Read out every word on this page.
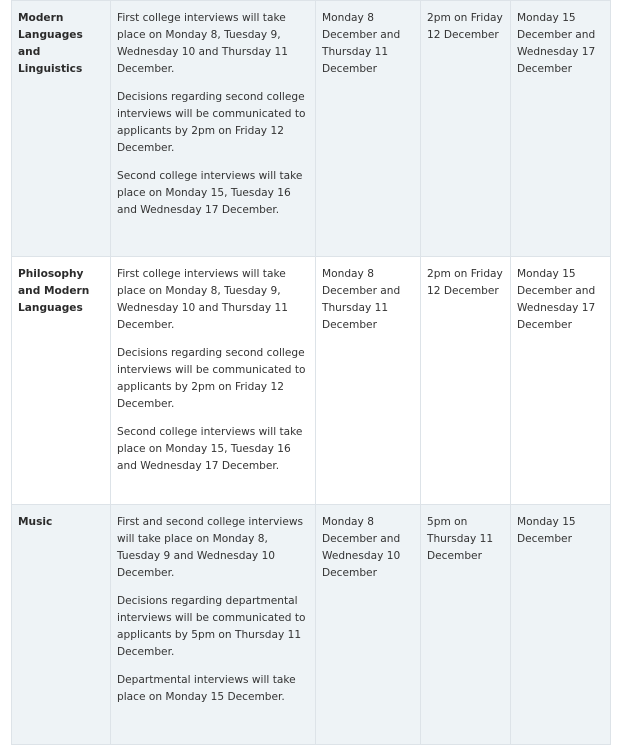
Modern Languages and Linguistics	First college interviews will take place on Monday 8, Tuesday 9, Wednesday 10 and Thursday 11 December.

Decisions regarding second college interviews will be communicated to applicants by 2pm on Friday 12 December.

Second college interviews will take place on Monday 15, Tuesday 16 and Wednesday 17 December.	Monday 8 December and Thursday 11 December	2pm on Friday 12 December	Monday 15 December and Wednesday 17 December

Philosophy and Modern Languages	First college interviews will take place on Monday 8, Tuesday 9, Wednesday 10 and Thursday 11 December.

Decisions regarding second college interviews will be communicated to applicants by 2pm on Friday 12 December.

Second college interviews will take place on Monday 15, Tuesday 16 and Wednesday 17 December.	Monday 8 December and Thursday 11 December	2pm on Friday 12 December	Monday 15 December and Wednesday 17 December

Music	First and second college interviews will take place on Monday 8, Tuesday 9 and Wednesday 10 December.

Decisions regarding departmental interviews will be communicated to applicants by 5pm on Thursday 11 December.

Departmental interviews will take place on Monday 15 December.	Monday 8 December and Wednesday 10 December	5pm on Thursday 11 December	Monday 15 December
